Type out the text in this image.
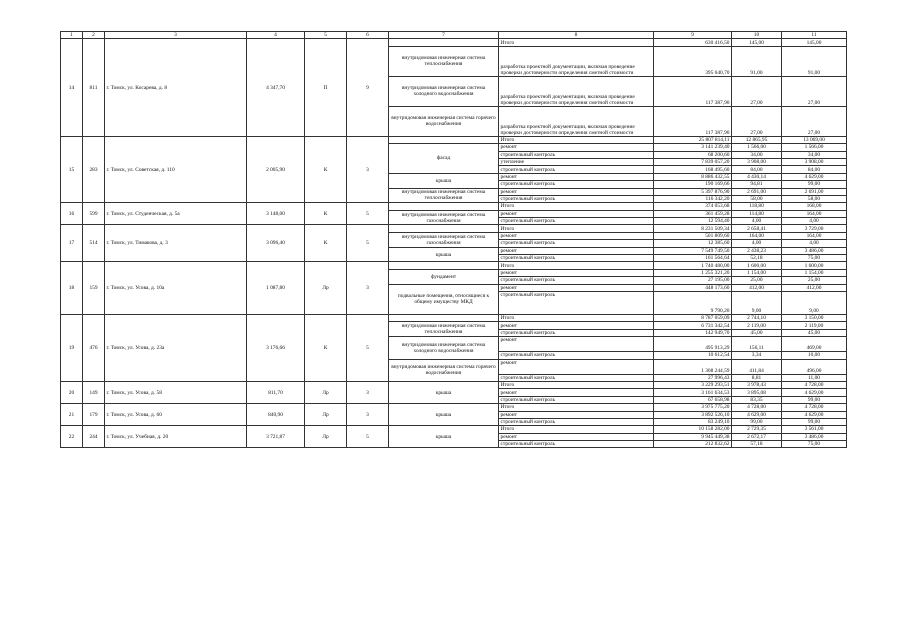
1	2	3	4	5	6	7	8	9	10	11
14	811	г. Томск, ул. Косарева, д. 8	4 347,70	П	9		Итого	630 416,50	145,00	145,00
						внутридомовая инженерная система теплоснабжения	разработка проектной документации, включая проведение проверки достоверности определения сметной стоимости	395 640,70	91,00	91,00
						внутридомовая инженерная система холодного водоснабжения	разработка проектной документации, включая проведение проверки достоверности определения сметной стоимости	117 387,90	27,00	27,00
						внутридомовая инженерная система горячего водоснабжения	разработка проектной документации, включая проведение проверки достоверности определения сметной стоимости	117 387,90	27,00	27,00
15	283	г. Томск, ул. Советская, д. 110	2 005,90	К	3		Итого	25 807 814,11	12 865,95	13 069,00
						фасад	ремонт	3 141 239,40	1 566,00	1 566,00
							строительный контроль	68 200,60	34,00	34,00
							утепление	7 839 057,20	3 908,00	3 908,00
							строительный контроль	168 495,60	84,00	84,00
						крыша	ремонт	8 886 432,55	4 430,14	4 629,00
							строительный контроль	190 169,66	94,81	99,00
						внутридомовая инженерная система теплоснабжения	ремонт	5 397 876,90	2 691,00	2 691,00
							строительный контроль	116 342,20	58,00	58,00
16	599	г. Томск, ул. Студенческая, д. 5а	3 148,00	К	5		Итого	374 053,68	118,80	168,00
						внутридомовая инженерная система газоснабжения	ремонт	361 459,28	114,80	164,00
							строительный контроль	12 594,40	4,00	4,00
17	514	г. Томск, ул. Тимакова, д. 3	3 096,40	К	5		Итого	8 231 509,34	2 658,41	3 729,00
						внутридомовая инженерная система газоснабжения	ремонт	501 809,60	164,00	164,00
							строительный контроль	12 385,60	4,00	4,00
						крыша	ремонт	7 549 749,50	2 438,23	3 486,00
							строительный контроль	161 564,64	52,18	75,00
18	159	г. Томск, ул. Усова, д. 10а	1 087,80	Лр	3		Итого	1 740 480,00	1 600,00	1 600,00
						фундамент	ремонт	1 255 321,20	1 154,00	1 154,00
							строительный контроль	27 195,00	25,00	25,00
						подвальные помещения, относящиеся к общему имуществу МКД	ремонт	448 173,60	412,00	412,00
							строительный контроль	9 790,20	9,00	9,00
19	476	г. Томск, ул. Усова, д. 23а	3 176,66	К	5		Итого	8 787 059,09	2 744,10	3 150,00
						внутридомовая инженерная система теплоснабжения	ремонт	6 731 342,54	2 119,00	2 119,00
							строительный контроль	142 949,70	45,00	45,00
						внутридомовая инженерная система холодного водоснабжения	ремонт	495 913,29	156,11	469,00
							строительный контроль	10 612,54	3,34	10,00
						внутридомовая инженерная система горячего водоснабжения	ремонт	1 308 244,59	411,84	496,00
							строительный контроль	27 996,43	8,81	11,00
20	149	г. Томск, ул. Усова, д. 58	811,70	Лр	3	крыша	Итого	3 229 293,51	3 978,43	4 728,00
							ремонт	3 161 634,53	3 895,08	4 629,00
							строительный контроль	67 658,98	83,35	99,00
21	179	г. Томск, ул. Усова, д. 60	840,90	Лр	3	крыша	Итого	3 975 775,20	4 728,00	4 728,00
							ремонт	3 892 526,10	4 629,00	4 629,00
							строительный контроль	83 249,10	99,00	99,00
22	244	г. Томск, ул. Учебная, д. 20	3 721,87	Лр	5	крыша	Итого	10 158 282,00	2 729,35	3 561,00
							ремонт	9 945 449,38	2 672,17	3 486,00
							строительный контроль	212 832,62	57,18	75,00
